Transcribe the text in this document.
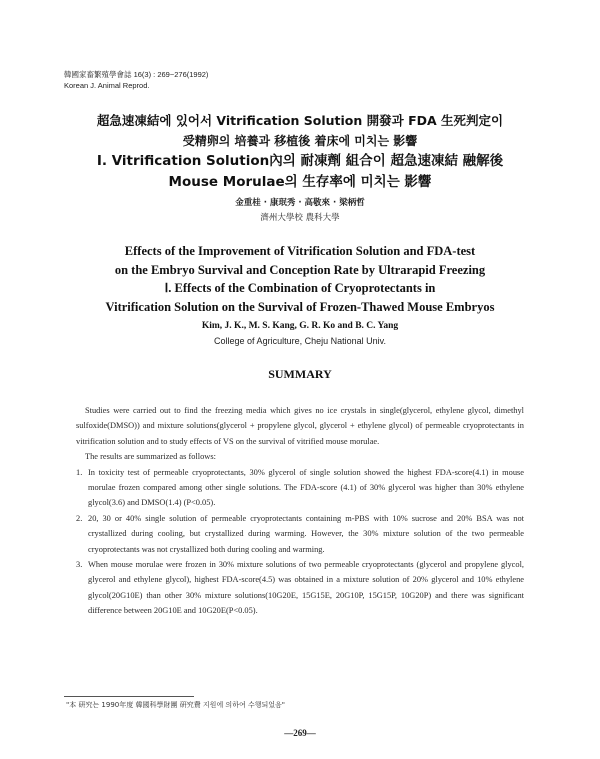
韓國家畜繁殖學會誌 16(3) : 269~276(1992)
Korean J. Animal Reprod.
超急速凍結에 있어서 Vitrification Solution 開發과 FDA 生死判定이
受精卵의 培養과 移植後 着床에 미치는 影響
Ⅰ. Vitrification Solution內의 耐凍劑 組合이 超急速凍結 融解後
Mouse Morulae의 生存率에 미치는 影響
金重桂 · 康珉秀 · 高敬來 · 梁柄哲
濟州大學校 農科大學
Effects of the Improvement of Vitrification Solution and FDA-test
on the Embryo Survival and Conception Rate by Ultrarapid Freezing
Ⅰ. Effects of the Combination of Cryoprotectants in
Vitrification Solution on the Survival of Frozen-Thawed Mouse Embryos
Kim, J. K., M. S. Kang, G. R. Ko and B. C. Yang
College of Agriculture, Cheju National Univ.
SUMMARY

Studies were carried out to find the freezing media which gives no ice crystals in single(glycerol, ethylene glycol, dimethyl sulfoxide(DMSO)) and mixture solutions(glycerol + propylene glycol, glycerol + ethylene glycol) of permeable cryoprotectants in vitrification solution and to study effects of VS on the survival of vitrified mouse morulae.

The results are summarized as follows:

1. In toxicity test of permeable cryoprotectants, 30% glycerol of single solution showed the highest FDA-score(4.1) in mouse morulae frozen compared among other single solutions. The FDA-score (4.1) of 30% glycerol was higher than 30% ethylene glycol(3.6) and DMSO(1.4) (P<0.05).

2. 20, 30 or 40% single solution of permeable cryoprotectants containing m-PBS with 10% sucrose and 20% BSA was not crystallized during cooling, but crystallized during warming. However, the 30% mixture solution of the two permeable cryoprotectants was not crystallized both during cooling and warming.

3. When mouse morulae were frozen in 30% mixture solutions of two permeable cryoprotectants (glycerol and propylene glycol, glycerol and ethylene glycol), highest FDA-score(4.5) was obtained in a mixture solution of 20% glycerol and 10% ethylene glycol(20G10E) than other 30% mixture solutions(10G20E, 15G15E, 20G10P, 15G15P, 10G20P) and there was significant difference between 20G10E and 10G20E(P<0.05).

"本 硏究는 1990年度 韓國科學財團 硏究費 지원에 의하여 수행되었음"
—269—
